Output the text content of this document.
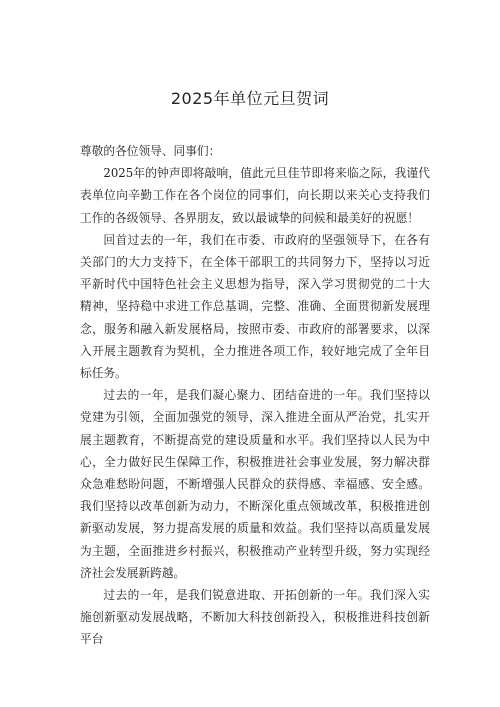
2025年单位元旦贺词

尊敬的各位领导、同事们：

2025年的钟声即将敲响，值此元旦佳节即将来临之际，我谨代表单位向辛勤工作在各个岗位的同事们，向长期以来关心支持我们工作的各级领导、各界朋友，致以最诚挚的问候和最美好的祝愿！

回首过去的一年，我们在市委、市政府的坚强领导下，在各有关部门的大力支持下，在全体干部职工的共同努力下，坚持以习近平新时代中国特色社会主义思想为指导，深入学习贯彻党的二十大精神，坚持稳中求进工作总基调，完整、准确、全面贯彻新发展理念，服务和融入新发展格局，按照市委、市政府的部署要求，以深入开展主题教育为契机，全力推进各项工作，较好地完成了全年目标任务。

过去的一年，是我们凝心聚力、团结奋进的一年。我们坚持以党建为引领，全面加强党的领导，深入推进全面从严治党，扎实开展主题教育，不断提高党的建设质量和水平。我们坚持以人民为中心，全力做好民生保障工作，积极推进社会事业发展，努力解决群众急难愁盼问题，不断增强人民群众的获得感、幸福感、安全感。我们坚持以改革创新为动力，不断深化重点领域改革，积极推进创新驱动发展，努力提高发展的质量和效益。我们坚持以高质量发展为主题，全面推进乡村振兴，积极推动产业转型升级，努力实现经济社会发展新跨越。

过去的一年，是我们锐意进取、开拓创新的一年。我们深入实施创新驱动发展战略，不断加大科技创新投入，积极推进科技创新平台
